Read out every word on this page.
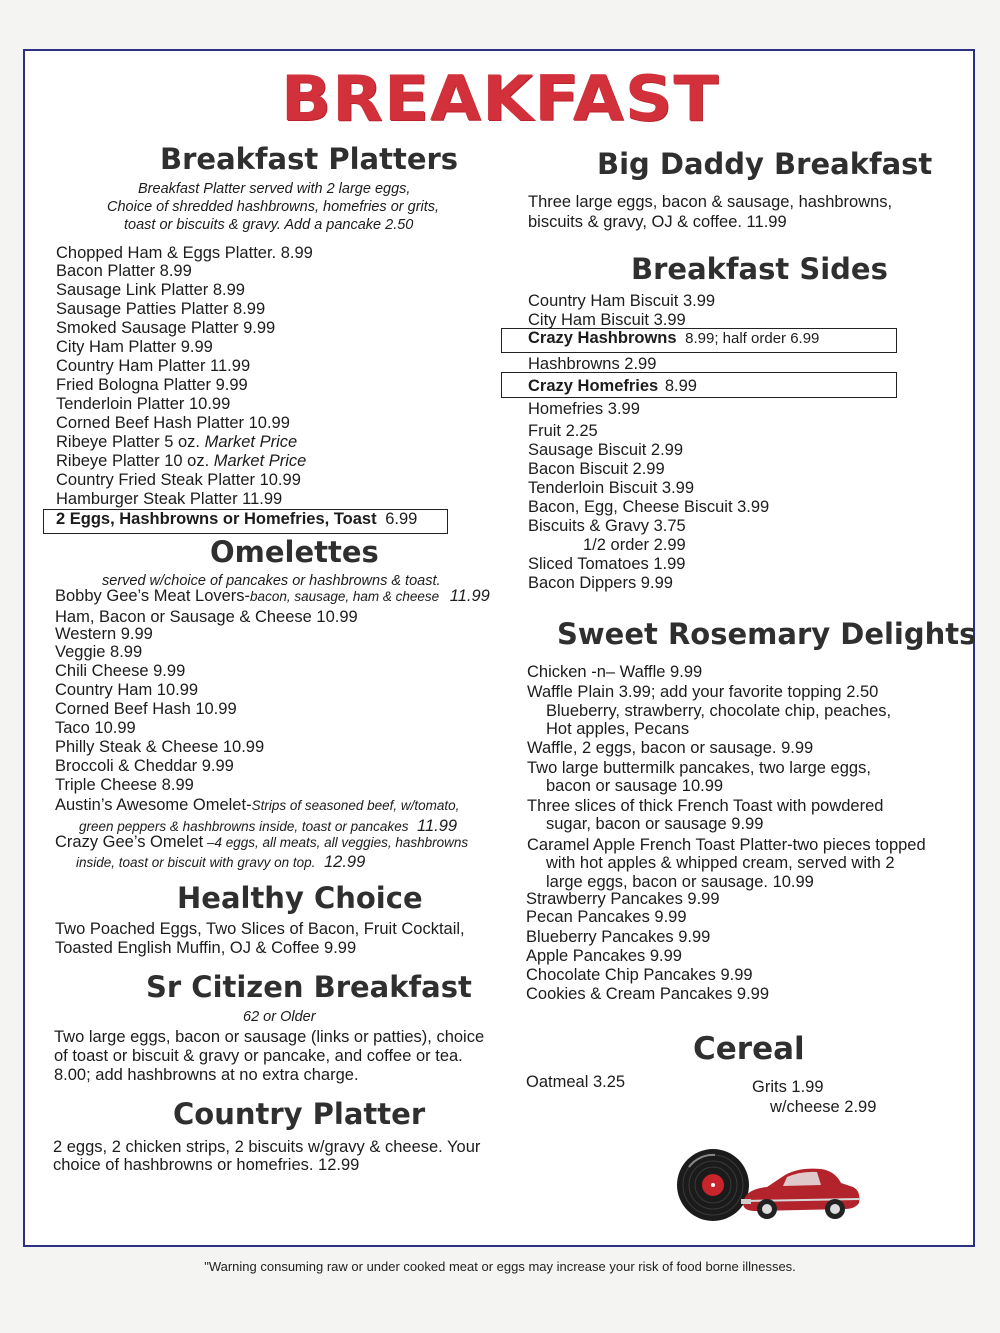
BREAKFAST
Breakfast Platters
Breakfast Platter served with 2 large eggs,
Choice of shredded hashbrowns, homefries or grits,
toast or biscuits & gravy. Add a pancake 2.50
Chopped Ham & Eggs Platter. 8.99
Bacon Platter 8.99
Sausage Link Platter 8.99
Sausage Patties Platter 8.99
Smoked Sausage Platter 9.99
City Ham Platter 9.99
Country Ham Platter 11.99
Fried Bologna Platter 9.99
Tenderloin Platter 10.99
Corned Beef Hash Platter 10.99
Ribeye Platter 5 oz. Market Price
Ribeye Platter 10 oz. Market Price
Country Fried Steak Platter 10.99
Hamburger Steak Platter 11.99
2 Eggs, Hashbrowns or Homefries, Toast 6.99
Omelettes
served w/choice of pancakes or hashbrowns & toast.
Bobby Gee’s Meat Lovers-bacon, sausage, ham & cheese 11.99
Ham, Bacon or Sausage & Cheese 10.99
Western 9.99
Veggie 8.99
Chili Cheese 9.99
Country Ham 10.99
Corned Beef Hash 10.99
Taco 10.99
Philly Steak & Cheese 10.99
Broccoli & Cheddar 9.99
Triple Cheese 8.99
Austin’s Awesome Omelet-Strips of seasoned beef, w/tomato,
green peppers & hashbrowns inside, toast or pancakes 11.99
Crazy Gee’s Omelet –4 eggs, all meats, all veggies, hashbrowns
inside, toast or biscuit with gravy on top. 12.99
Healthy Choice
Two Poached Eggs, Two Slices of Bacon, Fruit Cocktail,
Toasted English Muffin, OJ & Coffee 9.99
Sr Citizen Breakfast
62 or Older
Two large eggs, bacon or sausage (links or patties), choice
of toast or biscuit & gravy or pancake, and coffee or tea.
8.00; add hashbrowns at no extra charge.
Country Platter
2 eggs, 2 chicken strips, 2 biscuits w/gravy & cheese. Your
choice of hashbrowns or homefries. 12.99
Big Daddy Breakfast
Three large eggs, bacon & sausage, hashbrowns,
biscuits & gravy, OJ & coffee. 11.99
Breakfast Sides
Country Ham Biscuit 3.99
City Ham Biscuit 3.99
Crazy Hashbrowns 8.99; half order 6.99
Hashbrowns 2.99
Crazy Homefries 8.99
Homefries 3.99
Fruit 2.25
Sausage Biscuit 2.99
Bacon Biscuit 2.99
Tenderloin Biscuit 3.99
Bacon, Egg, Cheese Biscuit 3.99
Biscuits & Gravy 3.75
1/2 order 2.99
Sliced Tomatoes 1.99
Bacon Dippers 9.99
Sweet Rosemary Delights
Chicken -n– Waffle 9.99
Waffle Plain 3.99; add your favorite topping 2.50
Blueberry, strawberry, chocolate chip, peaches,
Hot apples, Pecans
Waffle, 2 eggs, bacon or sausage. 9.99
Two large buttermilk pancakes, two large eggs,
bacon or sausage 10.99
Three slices of thick French Toast with powdered
sugar, bacon or sausage 9.99
Caramel Apple French Toast Platter-two pieces topped
with hot apples & whipped cream, served with 2
large eggs, bacon or sausage. 10.99
Strawberry Pancakes 9.99
Pecan Pancakes 9.99
Blueberry Pancakes 9.99
Apple Pancakes 9.99
Chocolate Chip Pancakes 9.99
Cookies & Cream Pancakes 9.99
Cereal
Oatmeal 3.25	Grits 1.99
w/cheese 2.99
"Warning consuming raw or under cooked meat or eggs may increase your risk of food borne illnesses.
